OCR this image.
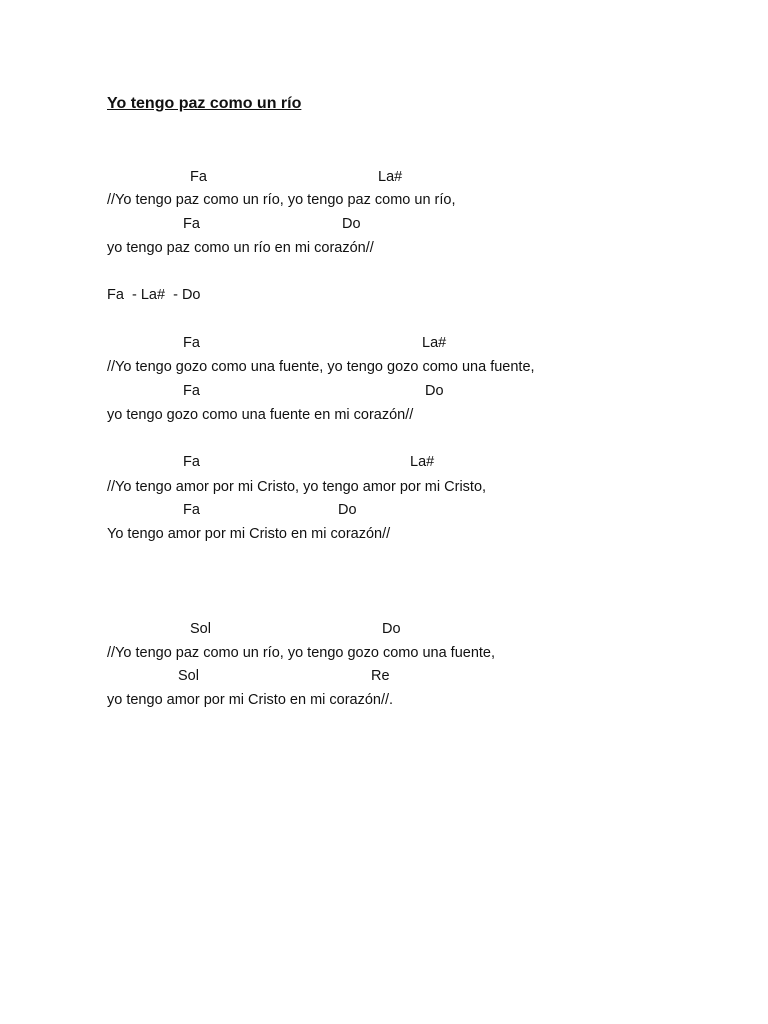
Yo tengo paz como un río
Fa	La#
//Yo tengo paz como un río, yo tengo paz como un río,
Fa	Do
yo tengo paz como un río en mi corazón//
Fa  - La#  - Do
Fa	La#
//Yo tengo gozo como una fuente, yo tengo gozo como una fuente,
Fa	Do
yo tengo gozo como una fuente en mi corazón//
Fa	La#
//Yo tengo amor por mi Cristo, yo tengo amor por mi Cristo,
Fa	Do
Yo tengo amor por mi Cristo en mi corazón//
Sol	Do
//Yo tengo paz como un río, yo tengo gozo como una fuente,
Sol	Re
yo tengo amor por mi Cristo en mi corazón//.
